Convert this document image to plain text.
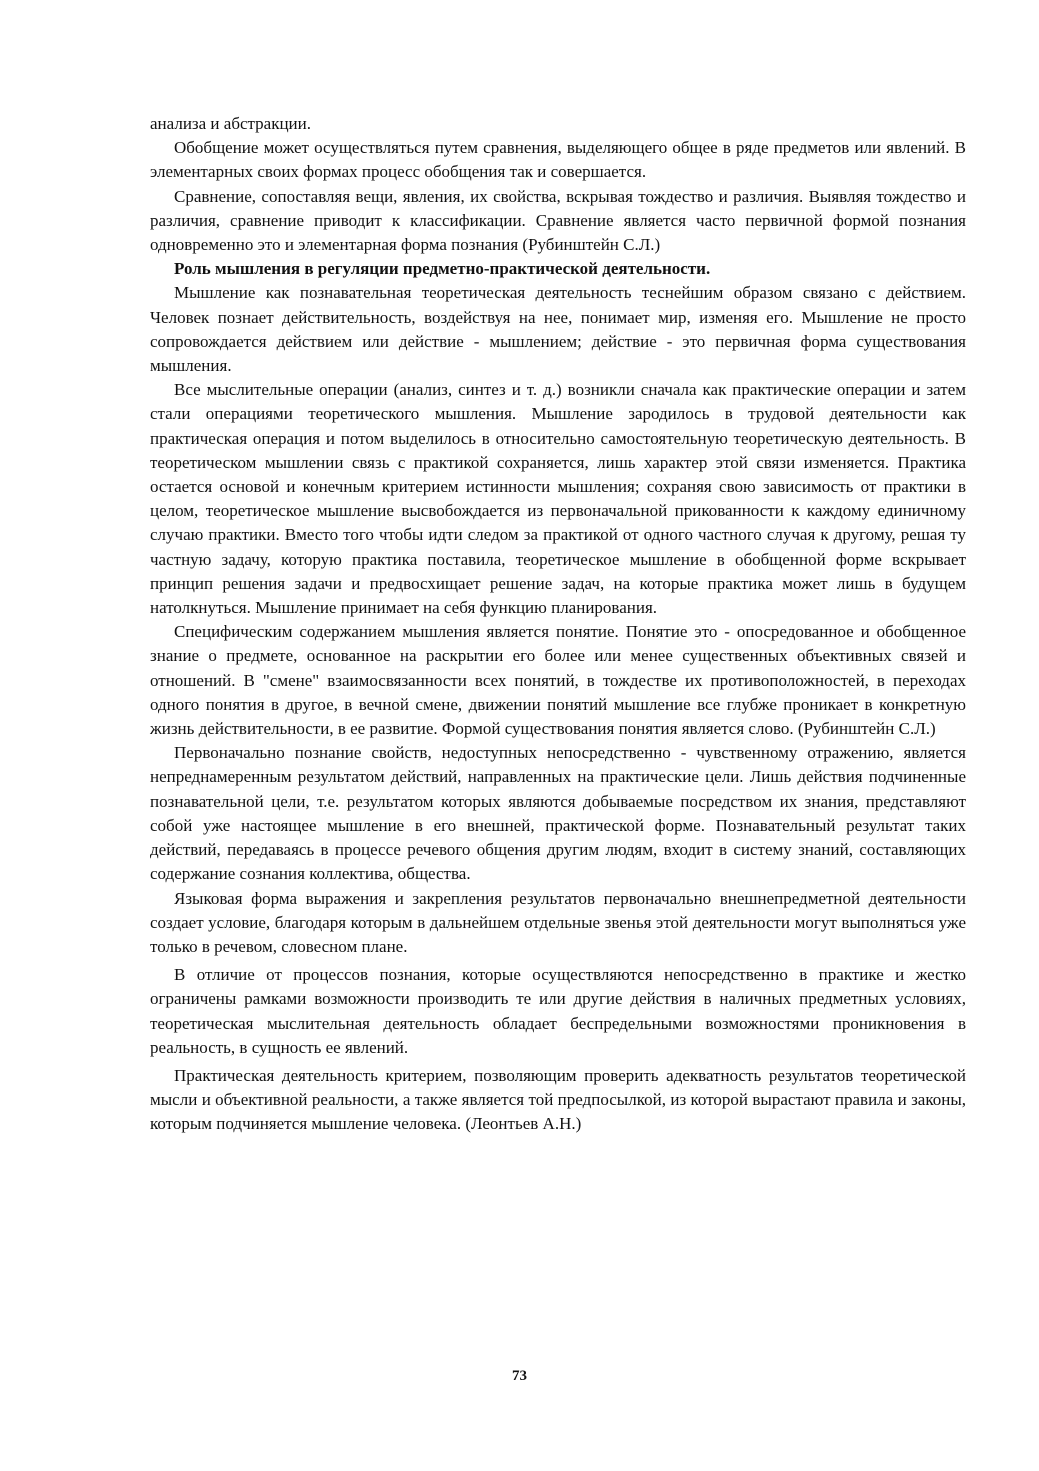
анализа и абстракции.

Обобщение может осуществляться путем сравнения, выделяющего общее в ряде предметов или явлений. В элементарных своих формах процесс обобщения так и совершается.

Сравнение, сопоставляя вещи, явления, их свойства, вскрывая тождество и различия. Выявляя тождество и различия, сравнение приводит к классификации. Сравнение является часто первичной формой познания одновременно это и элементарная форма познания (Рубинштейн С.Л.)

Роль мышления в регуляции предметно-практической деятельности.

Мышление как познавательная теоретическая деятельность теснейшим образом связано с действием. Человек познает действительность, воздействуя на нее, понимает мир, изменяя его. Мышление не просто сопровождается действием или действие - мышлением; действие - это первичная форма существования мышления.

Все мыслительные операции (анализ, синтез и т. д.) возникли сначала как практические операции и затем стали операциями теоретического мышления. Мышление зародилось в трудовой деятельности как практическая операция и потом выделилось в относительно самостоятельную теоретическую деятельность. В теоретическом мышлении связь с практикой сохраняется, лишь характер этой связи изменяется. Практика остается основой и конечным критерием истинности мышления; сохраняя свою зависимость от практики в целом, теоретическое мышление высвобождается из первоначальной прикованности к каждому единичному случаю практики. Вместо того чтобы идти следом за практикой от одного частного случая к другому, решая ту частную задачу, которую практика поставила, теоретическое мышление в обобщенной форме вскрывает принцип решения задачи и предвосхищает решение задач, на которые практика может лишь в будущем натолкнуться. Мышление принимает на себя функцию планирования.

Специфическим содержанием мышления является понятие. Понятие это - опосредованное и обобщенное знание о предмете, основанное на раскрытии его более или менее существенных объективных связей и отношений. В "смене" взаимосвязанности всех понятий, в тождестве их противоположностей, в переходах одного понятия в другое, в вечной смене, движении понятий мышление все глубже проникает в конкретную жизнь действительности, в ее развитие. Формой существования понятия является слово. (Рубинштейн С.Л.)

Первоначально познание свойств, недоступных непосредственно - чувственному отражению, является непреднамеренным результатом действий, направленных на практические цели. Лишь действия подчиненные познавательной цели, т.е. результатом которых являются добываемые посредством их знания, представляют собой уже настоящее мышление в его внешней, практической форме. Познавательный результат таких действий, передаваясь в процессе речевого общения другим людям, входит в систему знаний, составляющих содержание сознания коллектива, общества.

Языковая форма выражения и закрепления результатов первоначально внешнепредметной деятельности создает условие, благодаря которым в дальнейшем отдельные звенья этой деятельности могут выполняться уже только в речевом, словесном плане.

В отличие от процессов познания, которые осуществляются непосредственно в практике и жестко ограничены рамками возможности производить те или другие действия в наличных предметных условиях, теоретическая мыслительная деятельность обладает беспредельными возможностями проникновения в реальность, в сущность ее явлений.

Практическая деятельность критерием, позволяющим проверить адекватность результатов теоретической мысли и объективной реальности, а также является той предпосылкой, из которой вырастают правила и законы, которым подчиняется мышление человека. (Леонтьев А.Н.)

73
